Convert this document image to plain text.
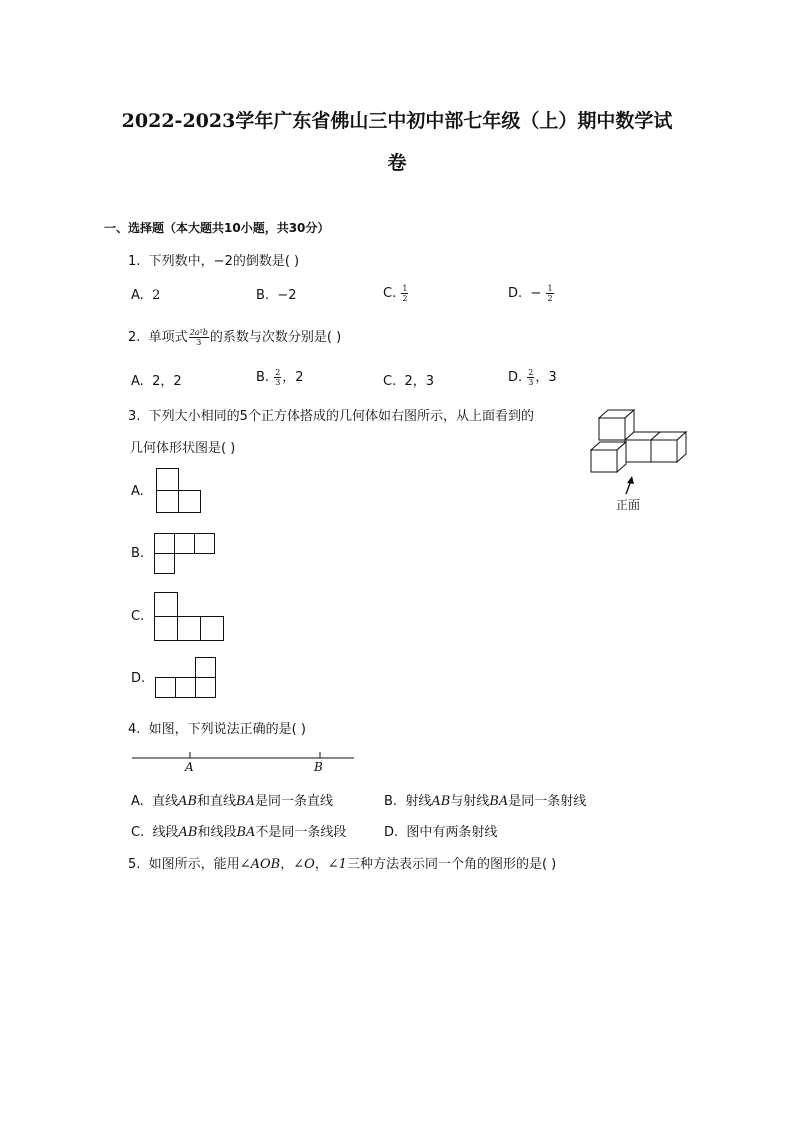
2022-2023学年广东省佛山三中初中部七年级（上）期中数学试
卷
一、选择题（本大题共10小题，共30分）
1. 下列数中，−2的倒数是( )
A. 2	B. −2	C. $\frac{1}{2}$	D. − $\frac{1}{2}$
2. 单项式 $\frac{\text{2a²b}}{3}$ 的系数与次数分别是( )
A. 2，2	B. $\frac{2}{3}$ ，2	C. 2，3	D. $\frac{2}{3}$ ，3
3. 下列大小相同的5个正方体搭成的几何体如右图所示，从上面看到的
几何体形状图是( )
正面
A.
B.
C.
D.
4. 如图，下列说法正确的是( )
A	B
A. 直线AB和直线BA是同一条直线	B. 射线AB与射线BA是同一条射线
C. 线段AB和线段BA不是同一条线段	D. 图中有两条射线
5. 如图所示，能用∠AOB，∠O，∠1三种方法表示同一个角的图形的是( )
